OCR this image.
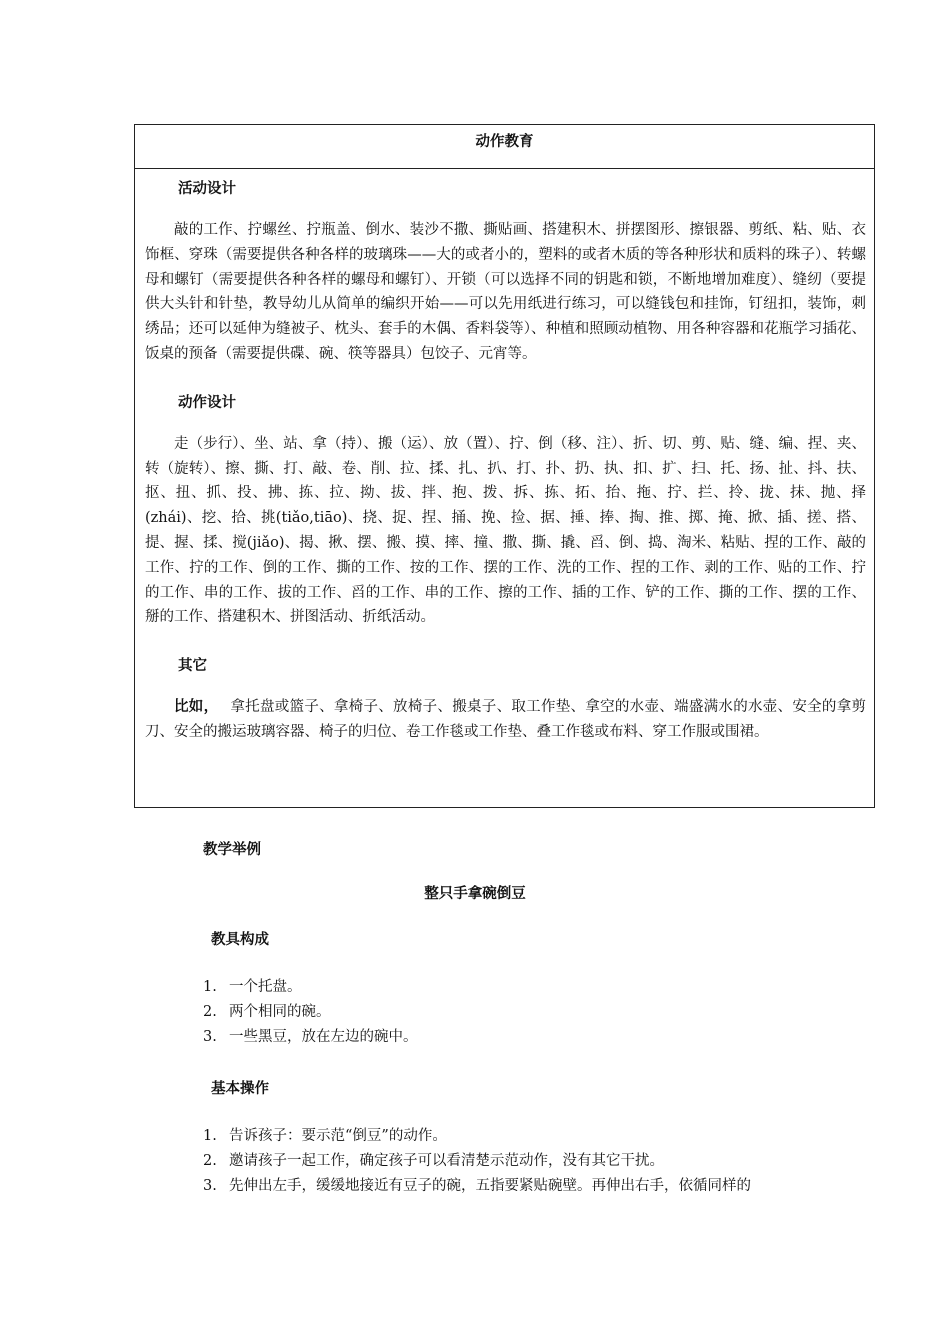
动作教育

活动设计

敲的工作、拧螺丝、拧瓶盖、倒水、装沙不撒、撕贴画、搭建积木、拼摆图形、擦银器、剪纸、粘、贴、衣饰框、穿珠（需要提供各种各样的玻璃珠——大的或者小的，塑料的或者木质的等各种形状和质料的珠子）、转螺母和螺钉（需要提供各种各样的螺母和螺钉）、开锁（可以选择不同的钥匙和锁，不断地增加难度）、缝纫（要提供大头针和针垫，教导幼儿从简单的编织开始——可以先用纸进行练习，可以缝钱包和挂饰，钉纽扣，装饰，刺绣品；还可以延伸为缝被子、枕头、套手的木偶、香料袋等）、种植和照顾动植物、用各种容器和花瓶学习插花、饭桌的预备（需要提供碟、碗、筷等器具）包饺子、元宵等。

动作设计

走（步行）、坐、站、拿（持）、搬（运）、放（置）、拧、倒（移、注）、折、切、剪、贴、缝、编、捏、夹、转（旋转）、擦、撕、打、敲、卷、削、拉、揉、扎、扒、打、扑、扔、执、扣、扩、扫、托、扬、扯、抖、扶、抠、扭、抓、投、拂、拣、拉、拗、拔、拌、抱、拨、拆、拣、拓、抬、拖、拧、拦、拎、拢、抹、抛、择(zhái)、挖、拾、挑(tiǎo,tiāo)、挠、捉、捏、捅、挽、捡、据、捶、捧、掏、推、掷、掩、掀、插、搓、搭、提、握、揉、搅(jiǎo)、揭、揪、摆、搬、摸、摔、撞、撒、撕、撬、舀、倒、捣、淘米、粘贴、捏的工作、敲的工作、拧的工作、倒的工作、撕的工作、按的工作、摆的工作、洗的工作、捏的工作、剥的工作、贴的工作、拧的工作、串的工作、拔的工作、舀的工作、串的工作、擦的工作、插的工作、铲的工作、撕的工作、摆的工作、掰的工作、搭建积木、拼图活动、折纸活动。

其它

比如， 拿托盘或篮子、拿椅子、放椅子、搬桌子、取工作垫、拿空的水壶、端盛满水的水壶、安全的拿剪刀、安全的搬运玻璃容器、椅子的归位、卷工作毯或工作垫、叠工作毯或布料、穿工作服或围裙。

教学举例
整只手拿碗倒豆
教具构成
1. 一个托盘。
2. 两个相同的碗。
3. 一些黑豆，放在左边的碗中。
基本操作
1. 告诉孩子：要示范“倒豆”的动作。
2. 邀请孩子一起工作，确定孩子可以看清楚示范动作，没有其它干扰。
3. 先伸出左手，缓缓地接近有豆子的碗，五指要紧贴碗壁。再伸出右手，依循同样的
